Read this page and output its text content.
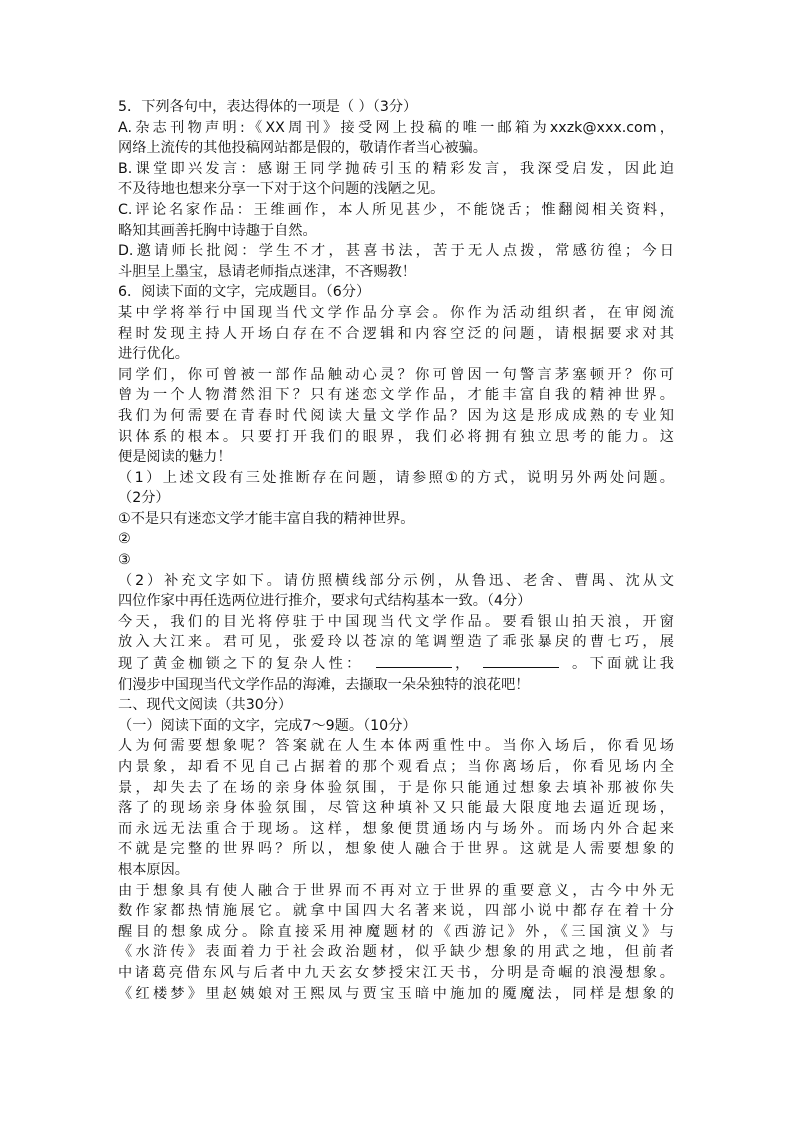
5．下列各句中，表达得体的一项是（ ）（3分）
A.杂志刊物声明:《XX周刊》接受网上投稿的唯一邮箱为xxzk@xxx.com，
网络上流传的其他投稿网站都是假的，敬请作者当心被骗。
B.课堂即兴发言：感谢王同学抛砖引玉的精彩发言，我深受启发，因此迫
不及待地也想来分享一下对于这个问题的浅陋之见。
C.评论名家作品：王维画作，本人所见甚少，不能饶舌；惟翻阅相关资料，
略知其画善托胸中诗趣于自然。
D.邀请师长批阅：学生不才，甚喜书法，苦于无人点拨，常感彷徨；今日
斗胆呈上墨宝，恳请老师指点迷津，不吝赐教！
6．阅读下面的文字，完成题目。（6分）
某中学将举行中国现当代文学作品分享会。你作为活动组织者，在审阅流
程时发现主持人开场白存在不合逻辑和内容空泛的问题，请根据要求对其
进行优化。
同学们，你可曾被一部作品触动心灵？你可曾因一句警言茅塞顿开？你可
曾为一个人物潸然泪下？只有迷恋文学作品，才能丰富自我的精神世界。
我们为何需要在青春时代阅读大量文学作品？因为这是形成成熟的专业知
识体系的根本。只要打开我们的眼界，我们必将拥有独立思考的能力。这
便是阅读的魅力！
（1）上述文段有三处推断存在问题，请参照①的方式，说明另外两处问题。
（2分）
①不是只有迷恋文学才能丰富自我的精神世界。
②
③
（2）补充文字如下。请仿照横线部分示例，从鲁迅、老舍、曹禺、沈从文
四位作家中再任选两位进行推介，要求句式结构基本一致。（4分）
今天，我们的目光将停驻于中国现当代文学作品。要看银山拍天浪，开窗
放入大江来。君可见，张爱玲以苍凉的笔调塑造了乖张暴戾的曹七巧，展
现了黄金枷锁之下的复杂人性：	，	。下面就让我
们漫步中国现当代文学作品的海滩，去撷取一朵朵独特的浪花吧！
二、现代文阅读（共30分）
（一）阅读下面的文字，完成7～9题。（10分）
人为何需要想象呢？答案就在人生本体两重性中。当你入场后，你看见场
内景象，却看不见自己占据着的那个观看点；当你离场后，你看见场内全
景，却失去了在场的亲身体验氛围，于是你只能通过想象去填补那被你失
落了的现场亲身体验氛围，尽管这种填补又只能最大限度地去逼近现场，
而永远无法重合于现场。这样，想象便贯通场内与场外。而场内外合起来
不就是完整的世界吗？所以，想象使人融合于世界。这就是人需要想象的
根本原因。
由于想象具有使人融合于世界而不再对立于世界的重要意义，古今中外无
数作家都热情施展它。就拿中国四大名著来说，四部小说中都存在着十分
醒目的想象成分。除直接采用神魔题材的《西游记》外，《三国演义》与
《水浒传》表面着力于社会政治题材，似乎缺少想象的用武之地，但前者
中诸葛亮借东风与后者中九天玄女梦授宋江天书，分明是奇崛的浪漫想象。
《红楼梦》里赵姨娘对王熙凤与贾宝玉暗中施加的魇魔法，同样是想象的
